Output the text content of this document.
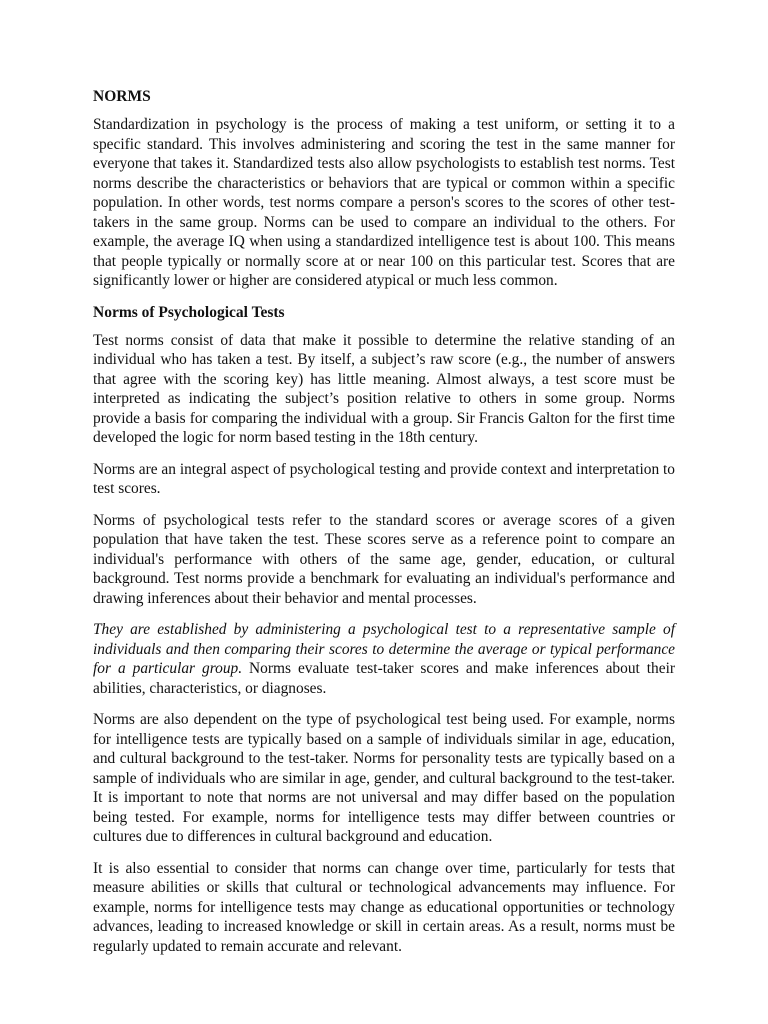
NORMS

Standardization in psychology is the process of making a test uniform, or setting it to a specific standard. This involves administering and scoring the test in the same manner for everyone that takes it. Standardized tests also allow psychologists to establish test norms. Test norms describe the characteristics or behaviors that are typical or common within a specific population. In other words, test norms compare a person's scores to the scores of other test-takers in the same group. Norms can be used to compare an individual to the others. For example, the average IQ when using a standardized intelligence test is about 100. This means that people typically or normally score at or near 100 on this particular test. Scores that are significantly lower or higher are considered atypical or much less common.

Norms of Psychological Tests

Test norms consist of data that make it possible to determine the relative standing of an individual who has taken a test. By itself, a subject’s raw score (e.g., the number of answers that agree with the scoring key) has little meaning. Almost always, a test score must be interpreted as indicating the subject’s position relative to others in some group. Norms provide a basis for comparing the individual with a group. Sir Francis Galton for the first time developed the logic for norm based testing in the 18th century.

Norms are an integral aspect of psychological testing and provide context and interpretation to test scores.

Norms of psychological tests refer to the standard scores or average scores of a given population that have taken the test. These scores serve as a reference point to compare an individual's performance with others of the same age, gender, education, or cultural background. Test norms provide a benchmark for evaluating an individual's performance and drawing inferences about their behavior and mental processes.

They are established by administering a psychological test to a representative sample of individuals and then comparing their scores to determine the average or typical performance for a particular group. Norms evaluate test-taker scores and make inferences about their abilities, characteristics, or diagnoses.

Norms are also dependent on the type of psychological test being used. For example, norms for intelligence tests are typically based on a sample of individuals similar in age, education, and cultural background to the test-taker. Norms for personality tests are typically based on a sample of individuals who are similar in age, gender, and cultural background to the test-taker. It is important to note that norms are not universal and may differ based on the population being tested. For example, norms for intelligence tests may differ between countries or cultures due to differences in cultural background and education.

It is also essential to consider that norms can change over time, particularly for tests that measure abilities or skills that cultural or technological advancements may influence. For example, norms for intelligence tests may change as educational opportunities or technology advances, leading to increased knowledge or skill in certain areas. As a result, norms must be regularly updated to remain accurate and relevant.
